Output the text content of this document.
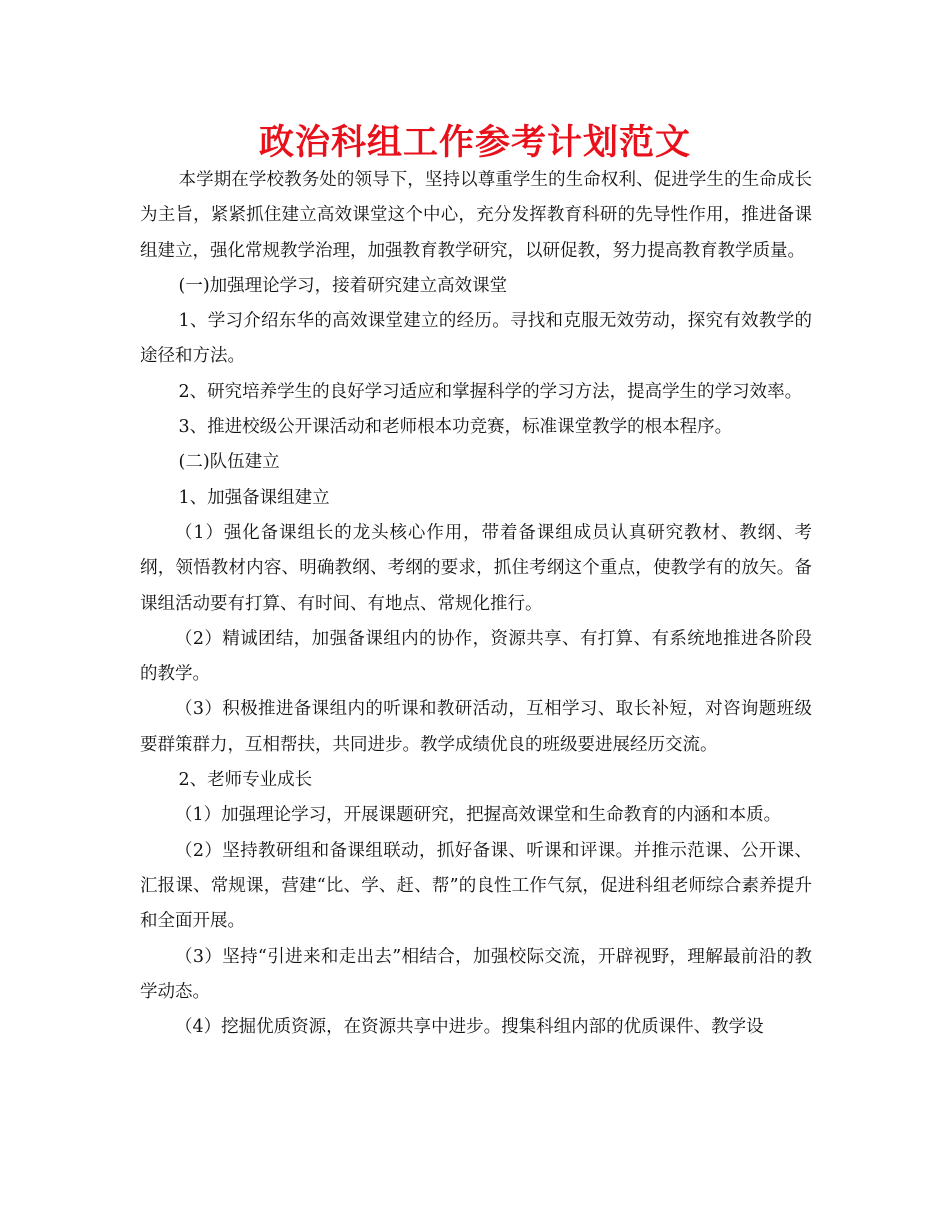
政治科组工作参考计划范文

本学期在学校教务处的领导下，坚持以尊重学生的生命权利、促进学生的生命成长为主旨，紧紧抓住建立高效课堂这个中心，充分发挥教育科研的先导性作用，推进备课组建立，强化常规教学治理，加强教育教学研究，以研促教，努力提高教育教学质量。

(一)加强理论学习，接着研究建立高效课堂

1、学习介绍东华的高效课堂建立的经历。寻找和克服无效劳动，探究有效教学的途径和方法。

2、研究培养学生的良好学习适应和掌握科学的学习方法，提高学生的学习效率。

3、推进校级公开课活动和老师根本功竞赛，标准课堂教学的根本程序。

(二)队伍建立

1、加强备课组建立

（1）强化备课组长的龙头核心作用，带着备课组成员认真研究教材、教纲、考纲，领悟教材内容、明确教纲、考纲的要求，抓住考纲这个重点，使教学有的放矢。备课组活动要有打算、有时间、有地点、常规化推行。

（2）精诚团结，加强备课组内的协作，资源共享、有打算、有系统地推进各阶段的教学。

（3）积极推进备课组内的听课和教研活动，互相学习、取长补短，对咨询题班级要群策群力，互相帮扶，共同进步。教学成绩优良的班级要进展经历交流。

2、老师专业成长

（1）加强理论学习，开展课题研究，把握高效课堂和生命教育的内涵和本质。

（2）坚持教研组和备课组联动，抓好备课、听课和评课。并推示范课、公开课、汇报课、常规课，营建“比、学、赶、帮”的良性工作气氛，促进科组老师综合素养提升和全面开展。

（3）坚持“引进来和走出去”相结合，加强校际交流，开辟视野，理解最前沿的教学动态。

（4）挖掘优质资源，在资源共享中进步。搜集科组内部的优质课件、教学设
